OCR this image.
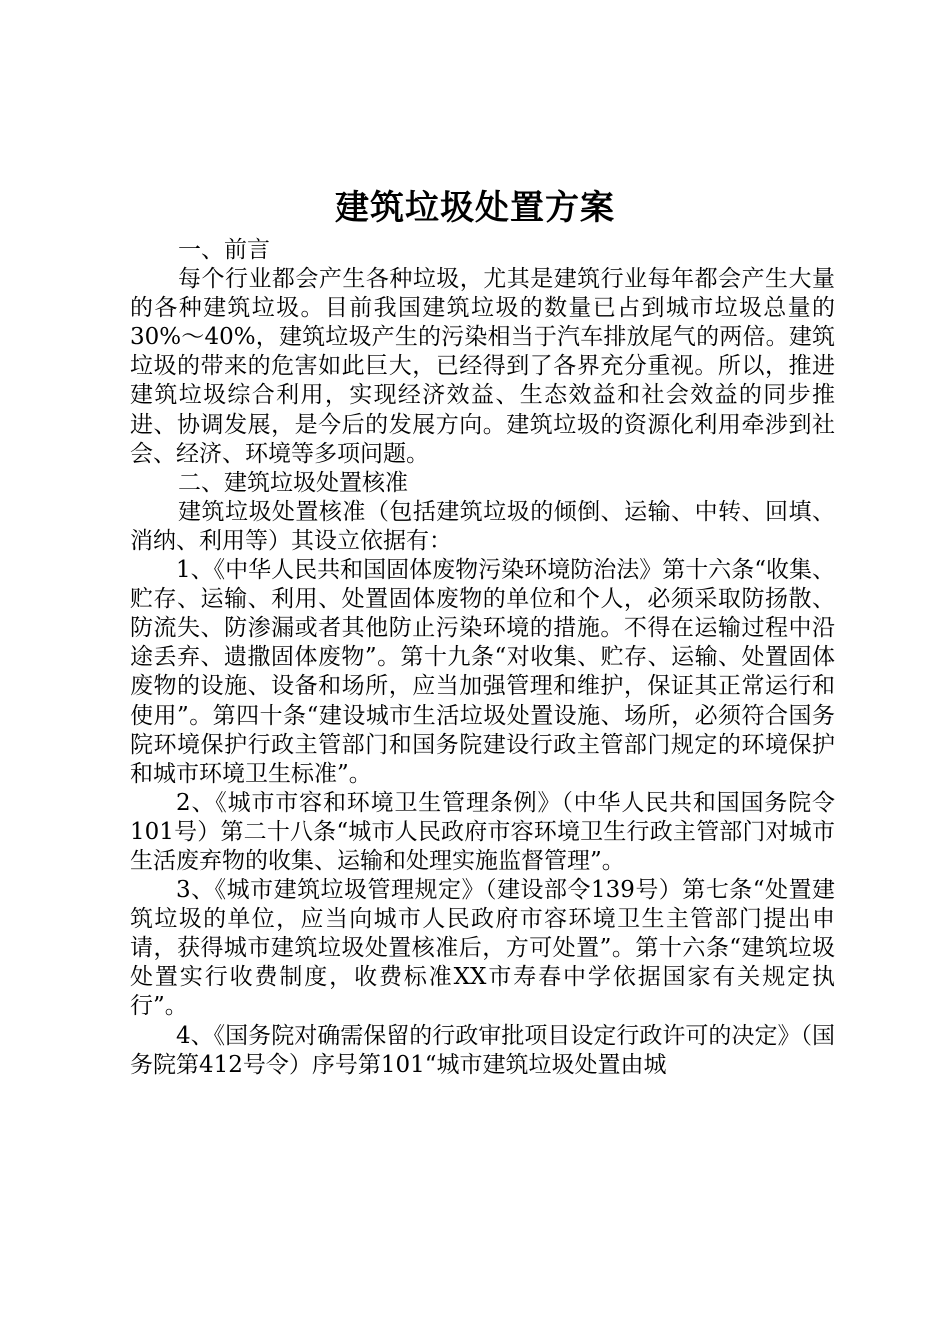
建筑垃圾处置方案

一、前言

每个行业都会产生各种垃圾，尤其是建筑行业每年都会产生大量的各种建筑垃圾。目前我国建筑垃圾的数量已占到城市垃圾总量的30%～40%，建筑垃圾产生的污染相当于汽车排放尾气的两倍。建筑垃圾的带来的危害如此巨大，已经得到了各界充分重视。所以，推进建筑垃圾综合利用，实现经济效益、生态效益和社会效益的同步推进、协调发展，是今后的发展方向。建筑垃圾的资源化利用牵涉到社会、经济、环境等多项问题。

二、建筑垃圾处置核准

建筑垃圾处置核准（包括建筑垃圾的倾倒、运输、中转、回填、消纳、利用等）其设立依据有：

1、《中华人民共和国固体废物污染环境防治法》第十六条“收集、贮存、运输、利用、处置固体废物的单位和个人，必须采取防扬散、防流失、防渗漏或者其他防止污染环境的措施。不得在运输过程中沿途丢弃、遗撒固体废物”。第十九条“对收集、贮存、运输、处置固体废物的设施、设备和场所，应当加强管理和维护，保证其正常运行和使用”。第四十条“建设城市生活垃圾处置设施、场所，必须符合国务院环境保护行政主管部门和国务院建设行政主管部门规定的环境保护和城市环境卫生标准”。

2、《城市市容和环境卫生管理条例》（中华人民共和国国务院令101号）第二十八条“城市人民政府市容环境卫生行政主管部门对城市生活废弃物的收集、运输和处理实施监督管理”。

3、《城市建筑垃圾管理规定》（建设部令139号）第七条“处置建筑垃圾的单位，应当向城市人民政府市容环境卫生主管部门提出申请，获得城市建筑垃圾处置核准后，方可处置”。第十六条“建筑垃圾处置实行收费制度，收费标准XX市寿春中学依据国家有关规定执行”。

4、《国务院对确需保留的行政审批项目设定行政许可的决定》（国务院第412号令）序号第101“城市建筑垃圾处置由城
